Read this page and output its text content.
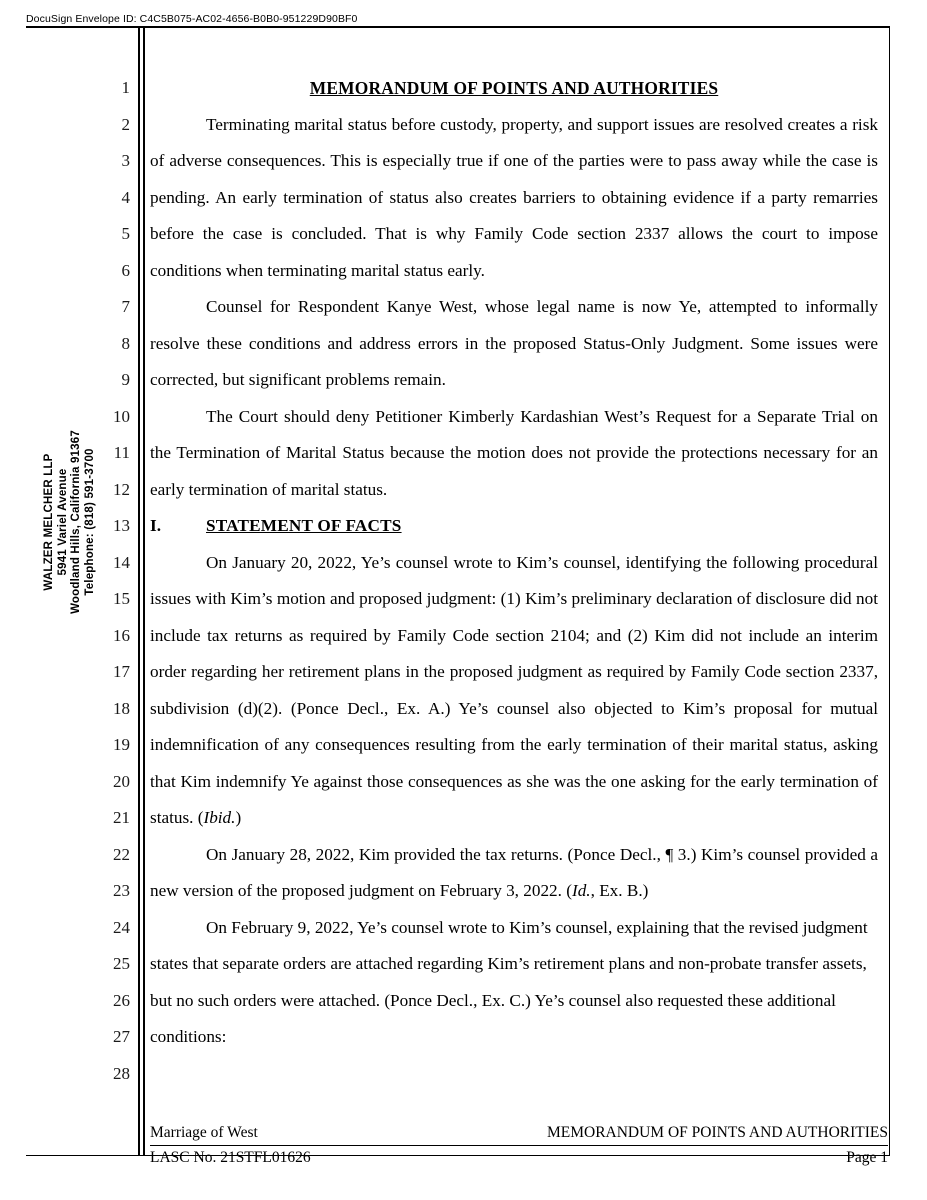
DocuSign Envelope ID: C4C5B075-AC02-4656-B0B0-951229D90BF0
1
2
3
4
5
6
7
8
9
10
11
12
13
14
15
16
17
18
19
20
21
22
23
24
25
26
27
28
WALZER MELCHER LLP 5941 Variel Avenue Woodland Hills, California 91367 Telephone: (818) 591-3700
MEMORANDUM OF POINTS AND AUTHORITIES

Terminating marital status before custody, property, and support issues are resolved creates a risk of adverse consequences. This is especially true if one of the parties were to pass away while the case is pending. An early termination of status also creates barriers to obtaining evidence if a party remarries before the case is concluded. That is why Family Code section 2337 allows the court to impose conditions when terminating marital status early.

Counsel for Respondent Kanye West, whose legal name is now Ye, attempted to informally resolve these conditions and address errors in the proposed Status-Only Judgment. Some issues were corrected, but significant problems remain.

The Court should deny Petitioner Kimberly Kardashian West’s Request for a Separate Trial on the Termination of Marital Status because the motion does not provide the protections necessary for an early termination of marital status.

I.	STATEMENT OF FACTS

On January 20, 2022, Ye’s counsel wrote to Kim’s counsel, identifying the following procedural issues with Kim’s motion and proposed judgment: (1) Kim’s preliminary declaration of disclosure did not include tax returns as required by Family Code section 2104; and (2) Kim did not include an interim order regarding her retirement plans in the proposed judgment as required by Family Code section 2337, subdivision (d)(2). (Ponce Decl., Ex. A.) Ye’s counsel also objected to Kim’s proposal for mutual indemnification of any consequences resulting from the early termination of their marital status, asking that Kim indemnify Ye against those consequences as she was the one asking for the early termination of status. (Ibid.)

On January 28, 2022, Kim provided the tax returns. (Ponce Decl., ¶ 3.) Kim’s counsel provided a new version of the proposed judgment on February 3, 2022. (Id., Ex. B.)

On February 9, 2022, Ye’s counsel wrote to Kim’s counsel, explaining that the revised judgment states that separate orders are attached regarding Kim’s retirement plans and non-probate transfer assets, but no such orders were attached. (Ponce Decl., Ex. C.) Ye’s counsel also requested these additional conditions:

Marriage of West	MEMORANDUM OF POINTS AND AUTHORITIES
LASC No. 21STFL01626	Page 1
